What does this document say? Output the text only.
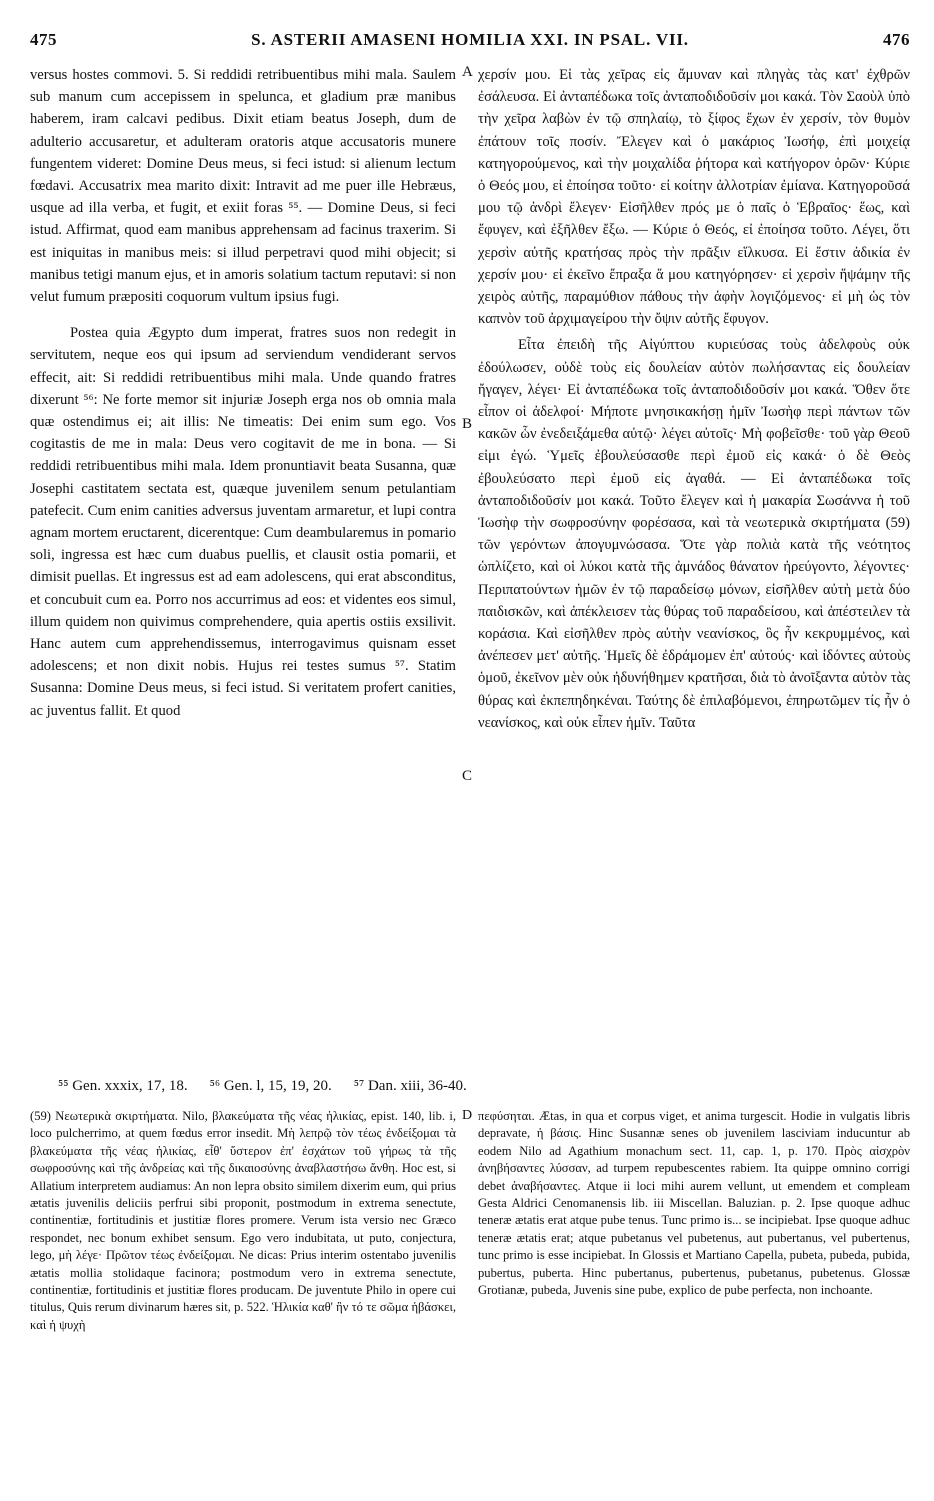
475	S. ASTERII AMASENI HOMILIA XXI. IN PSAL. VII.	476

versus hostes commovi. 5. Si reddidi retribuentibus mihi mala. Saulem sub manum cum accepissem in spelunca, et gladium præ manibus haberem, iram calcavi pedibus. Dixit etiam beatus Joseph, dum de adulterio accusaretur, et adulteram oratoris atque accusatoris munere fungentem videret: Domine Deus meus, si feci istud: si alienum lectum fœdavi. Accusatrix mea marito dixit: Intravit ad me puer ille Hebræus, usque ad illa verba, et fugit, et exiit foras ⁵⁵. — Domine Deus, si feci istud. Affirmat, quod eam manibus apprehensam ad facinus traxerim. Si est iniquitas in manibus meis: si illud perpetravi quod mihi objecit; si manibus tetigi manum ejus, et in amoris solatium tactum reputavi: si non velut fumum præpositi coquorum vultum ipsius fugi.

Postea quia Ægypto dum imperat, fratres suos non redegit in servitutem, neque eos qui ipsum ad serviendum vendiderant servos effecit, ait: Si reddidi retribuentibus mihi mala. Unde quando fratres dixerunt ⁵⁶: Ne forte memor sit injuriæ Joseph erga nos ob omnia mala quæ ostendimus ei; ait illis: Ne timeatis: Dei enim sum ego. Vos cogitastis de me in mala: Deus vero cogitavit de me in bona. — Si reddidi retribuentibus mihi mala. Idem pronuntiavit beata Susanna, quæ Josephi castitatem sectata est, quæque juvenilem senum petulantiam patefecit. Cum enim canities adversus juventam armaretur, et lupi contra agnam mortem eructarent, dicerentque: Cum deambularemus in pomario soli, ingressa est hæc cum duabus puellis, et clausit ostia pomarii, et dimisit puellas. Et ingressus est ad eam adolescens, qui erat absconditus, et concubuit cum ea. Porro nos accurrimus ad eos: et videntes eos simul, illum quidem non quivimus comprehendere, quia apertis ostiis exsilivit. Hanc autem cum apprehendissemus, interrogavimus quisnam esset adolescens; et non dixit nobis. Hujus rei testes sumus ⁵⁷. Statim Susanna: Domine Deus meus, si feci istud. Si veritatem profert canities, ac juventus fallit. Et quod

A
B
C

χερσίν μου. Εἰ τὰς χεῖρας εἰς ἄμυναν καὶ πληγὰς τὰς κατ' ἐχθρῶν ἐσάλευσα. Εἰ ἀνταπέδωκα τοῖς ἀνταποδιδοῦσίν μοι κακά. Τὸν Σαοὺλ ὑπὸ τὴν χεῖρα λαβὼν ἐν τῷ σπηλαίῳ, τὸ ξίφος ἔχων ἐν χερσίν, τὸν θυμὸν ἐπάτουν τοῖς ποσίν. Ἔλεγεν καὶ ὁ μακάριος Ἰωσήφ, ἐπὶ μοιχείᾳ κατηγορούμενος, καὶ τὴν μοιχαλίδα ῥήτορα καὶ κατήγορον ὁρῶν· Κύριε ὁ Θεός μου, εἰ ἐποίησα τοῦτο· εἰ κοίτην ἀλλοτρίαν ἐμίανα. Κατηγοροῦσά μου τῷ ἀνδρὶ ἔλεγεν· Εἰσῆλθεν πρός με ὁ παῖς ὁ Ἑβραῖος· ἕως, καὶ ἔφυγεν, καὶ ἐξῆλθεν ἔξω. — Κύριε ὁ Θεός, εἰ ἐποίησα τοῦτο. Λέγει, ὅτι χερσὶν αὐτῆς κρατήσας πρὸς τὴν πρᾶξιν εἵλκυσα. Εἰ ἔστιν ἀδικία ἐν χερσίν μου· εἰ ἐκεῖνο ἔπραξα ἅ μου κατηγόρησεν· εἰ χερσὶν ἥψάμην τῆς χειρὸς αὐτῆς, παραμύθιον πάθους τὴν ἁφὴν λογιζόμενος· εἰ μὴ ὡς τὸν καπνὸν τοῦ ἀρχιμαγείρου τὴν ὄψιν αὐτῆς ἔφυγον.

Εἶτα ἐπειδὴ τῆς Αἰγύπτου κυριεύσας τοὺς ἀδελφοὺς οὐκ ἐδούλωσεν, οὐδὲ τοὺς εἰς δουλείαν αὐτὸν πωλήσαντας εἰς δουλείαν ἤγαγεν, λέγει· Εἰ ἀνταπέδωκα τοῖς ἀνταποδιδοῦσίν μοι κακά. Ὅθεν ὅτε εἶπον οἱ ἀδελφοί· Μήποτε μνησικακήσῃ ἡμῖν Ἰωσὴφ περὶ πάντων τῶν κακῶν ὧν ἐνεδειξάμεθα αὐτῷ· λέγει αὐτοῖς· Μὴ φοβεῖσθε· τοῦ γὰρ Θεοῦ εἰμι ἐγώ. Ὑμεῖς ἐβουλεύσασθε περὶ ἐμοῦ εἰς κακά· ὁ δὲ Θεὸς ἐβουλεύσατο περὶ ἐμοῦ εἰς ἀγαθά. — Εἰ ἀνταπέδωκα τοῖς ἀνταποδιδοῦσίν μοι κακά. Τοῦτο ἔλεγεν καὶ ἡ μακαρία Σωσάννα ἡ τοῦ Ἰωσὴφ τὴν σωφροσύνην φορέσασα, καὶ τὰ νεωτερικὰ σκιρτήματα (59) τῶν γερόντων ἀπογυμνώσασα. Ὅτε γὰρ πολιὰ κατὰ τῆς νεότητος ὡπλίζετο, καὶ οἱ λύκοι κατὰ τῆς ἀμνάδος θάνατον ἠρεύγοντο, λέγοντες· Περιπατούντων ἡμῶν ἐν τῷ παραδείσῳ μόνων, εἰσῆλθεν αὐτὴ μετὰ δύο παιδισκῶν, καὶ ἀπέκλεισεν τὰς θύρας τοῦ παραδείσου, καὶ ἀπέστειλεν τὰ κοράσια. Καὶ εἰσῆλθεν πρὸς αὐτὴν νεανίσκος, ὃς ἦν κεκρυμμένος, καὶ ἀνέπεσεν μετ' αὐτῆς. Ἡμεῖς δὲ ἐδράμομεν ἐπ' αὐτούς· καὶ ἰδόντες αὐτοὺς ὁμοῦ, ἐκεῖνον μὲν οὐκ ἠδυνήθημεν κρατῆσαι, διὰ τὸ ἀνοῖξαντα αὐτὸν τὰς θύρας καὶ ἐκπεπηδηκέναι. Ταύτης δὲ ἐπιλαβόμενοι, ἐπηρωτῶμεν τίς ἦν ὁ νεανίσκος, καὶ οὐκ εἶπεν ἡμῖν. Ταῦτα

⁵⁵ Gen. xxxix, 17, 18. ⁵⁶ Gen. l, 15, 19, 20. ⁵⁷ Dan. xiii, 36-40.

(59) Νεωτερικὰ σκιρτήματα. Nilo, βλακεύματα τῆς νέας ἡλικίας, epist. 140, lib. i, loco pulcherrimo, at quem fœdus error insedit. Μὴ λεπρῷ τὸν τέως ἐνδείξομαι τὰ βλακεύματα τῆς νέας ἡλικίας, εἶθ' ὕστερον ἐπ' ἐσχάτων τοῦ γήρως τὰ τῆς σωφροσύνης καὶ τῆς ἀνδρείας καὶ τῆς δικαιοσύνης ἀναβλαστήσω ἄνθη. Hoc est, si Allatium interpretem audiamus: An non lepra obsito similem dixerim eum, qui prius ætatis juvenilis deliciis perfrui sibi proponit, postmodum in extrema senectute, continentiæ, fortitudinis et justitiæ flores promere. Verum ista versio nec Græco respondet, nec bonum exhibet sensum. Ego vero indubitata, ut puto, conjectura, lego, μὴ λέγε· Πρῶτον τέως ἐνδείξομαι. Ne dicas: Prius interim ostentabo juvenilis ætatis mollia stolidaque facinora; postmodum vero in extrema senectute, continentiæ, fortitudinis et justitiæ flores producam. De juventute Philo in opere cui titulus, Quis rerum divinarum hæres sit, p. 522. Ἡλικία καθ' ἣν τό τε σῶμα ἡβάσκει, καὶ ἡ ψυχὴ

D πεφύσηται. Ætas, in qua et corpus viget, et anima turgescit. Hodie in vulgatis libris depravate, ἡ βάσις. Hinc Susannæ senes ob juvenilem lasciviam inducuntur ab eodem Nilo ad Agathium monachum sect. 11, cap. 1, p. 170. Πρὸς αἰσχρὸν ἀνηβήσαντες λύσσαν, ad turpem repubescentes rabiem. Ita quippe omnino corrigi debet ἀναβήσαντες. Atque ii loci mihi aurem vellunt, ut emendem et compleam Gesta Aldrici Cenomanensis lib. iii Miscellan. Baluzian. p. 2. Ipse quoque adhuc teneræ ætatis erat atque pube tenus. Tunc primo is... se incipiebat. Ipse quoque adhuc teneræ ætatis erat; atque pubetanus vel pubetenus, aut pubertanus, vel pubertenus, tunc primo is esse incipiebat. In Glossis et Martiano Capella, pubeta, pubeda, pubida, pubertus, puberta. Hinc pubertanus, pubertenus, pubetanus, pubetenus. Glossæ Grotianæ, pubeda, Juvenis sine pube, explico de pube perfecta, non inchoante.
